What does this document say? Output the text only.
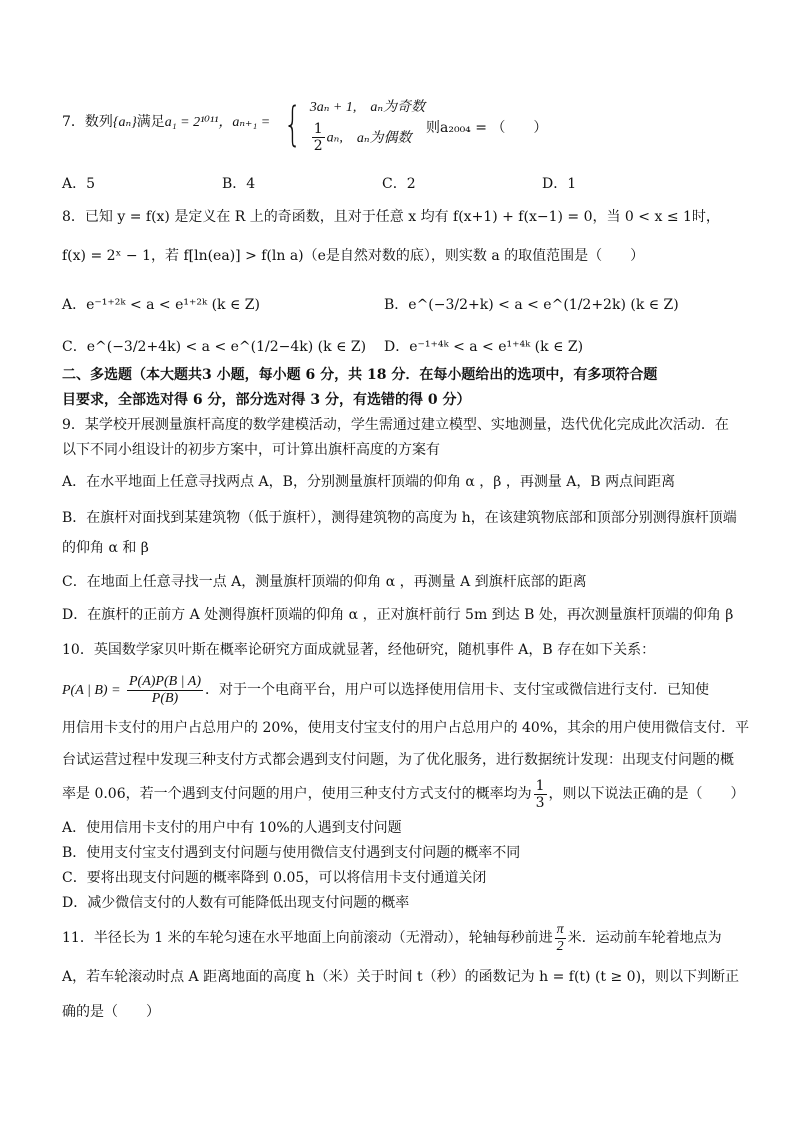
7．数列{aₙ}满足a₁ = 2¹⁰¹¹，aₙ₊₁ = { 3aₙ + 1, aₙ为奇数
$\frac{1}{2} a_n$, aₙ为偶数
则a₂₀₀₄ = （　　）
A．5	B．4	C．2	D．1
8．已知 y = f(x) 是定义在 R 上的奇函数，且对于任意 x 均有 f(x+1) + f(x−1) = 0，当 0 < x ≤ 1时，
f(x) = 2ˣ − 1，若 f[ln(ea)] > f(ln a)（e是自然对数的底），则实数 a 的取值范围是（　　）
A．e⁻¹⁺²ᵏ < a < e¹⁺²ᵏ (k ∈ Z)	B．e^(−3/2+k) < a < e^(1/2+2k) (k ∈ Z)
C．e^(−3/2+4k) < a < e^(1/2−4k) (k ∈ Z) D．e⁻¹⁺⁴ᵏ < a < e¹⁺⁴ᵏ (k ∈ Z)
二、多选题（本大题共3 小题，每小题 6 分，共 18 分．在每小题给出的选项中，有多项符合题
目要求，全部选对得 6 分，部分选对得 3 分，有选错的得 0 分）
9．某学校开展测量旗杆高度的数学建模活动，学生需通过建立模型、实地测量，迭代优化完成此次活动．在
以下不同小组设计的初步方案中，可计算出旗杆高度的方案有
A．在水平地面上任意寻找两点 A，B，分别测量旗杆顶端的仰角 α ，β ，再测量 A，B 两点间距离
B．在旗杆对面找到某建筑物（低于旗杆），测得建筑物的高度为 h，在该建筑物底部和顶部分别测得旗杆顶端
的仰角 α 和 β
C．在地面上任意寻找一点 A，测量旗杆顶端的仰角 α ，再测量 A 到旗杆底部的距离
D．在旗杆的正前方 A 处测得旗杆顶端的仰角 α ，正对旗杆前行 5m 到达 B 处，再次测量旗杆顶端的仰角 β
10．英国数学家贝叶斯在概率论研究方面成就显著，经他研究，随机事件 A，B 存在如下关系：
P(A | $B) = \frac{P(A)P(B | A)}{P(B)}$ ．对于一个电商平台，用户可以选择使用信用卡、支付宝或微信进行支付．已知使
用信用卡支付的用户占总用户的 20%，使用支付宝支付的用户占总用户的 40%，其余的用户使用微信支付．平
台试运营过程中发现三种支付方式都会遇到支付问题，为了优化服务，进行数据统计发现：出现支付问题的概
率是 0.06，若一个遇到支付问题的用户，使用三种支付方式支付的概率均为 $\frac{1}{3}$ ，则以下说法正确的是（　　）
A．使用信用卡支付的用户中有 10%的人遇到支付问题
B．使用支付宝支付遇到支付问题与使用微信支付遇到支付问题的概率不同
C．要将出现支付问题的概率降到 0.05，可以将信用卡支付通道关闭
D．减少微信支付的人数有可能降低出现支付问题的概率
11．半径长为 1 米的车轮匀速在水平地面上向前滚动（无滑动），轮轴每秒前进 $\frac{\pi}{2}$ 米．运动前车轮着地点为
A，若车轮滚动时点 A 距离地面的高度 h（米）关于时间 t（秒）的函数记为 h = f(t) (t ≥ 0)，则以下判断正
确的是（　　）
